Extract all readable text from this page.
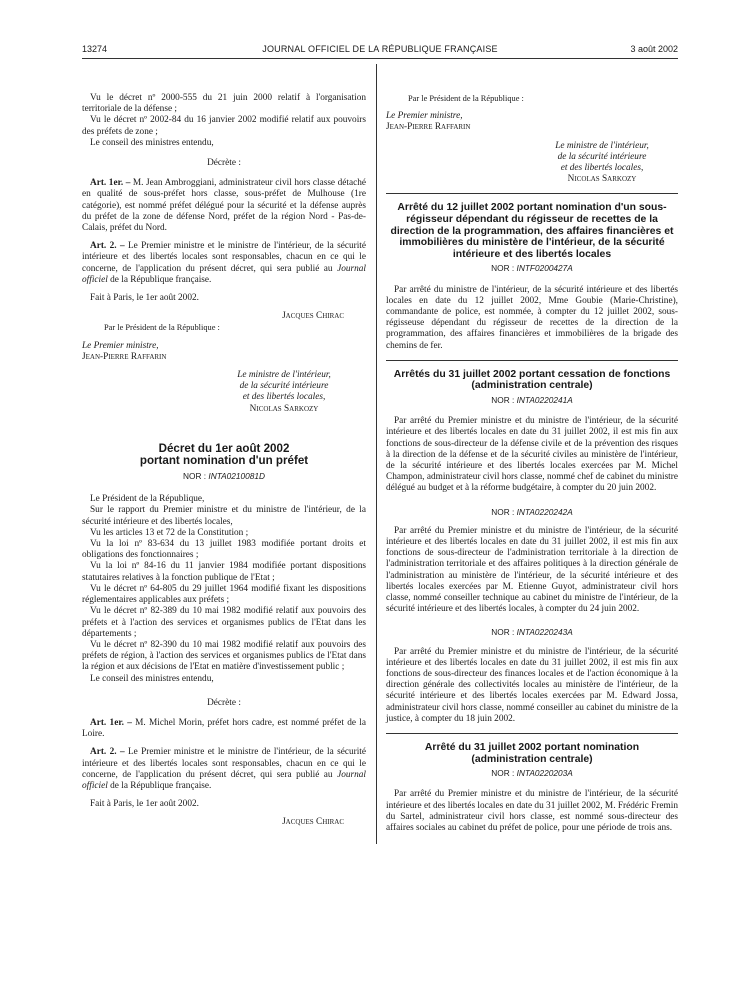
13274	JOURNAL OFFICIEL DE LA RÉPUBLIQUE FRANÇAISE	3 août 2002

Vu le décret nº 2000-555 du 21 juin 2000 relatif à l'organisation territoriale de la défense ;

Vu le décret nº 2002-84 du 16 janvier 2002 modifié relatif aux pouvoirs des préfets de zone ;

Le conseil des ministres entendu,

Décrète :

Art. 1er. – M. Jean Ambroggiani, administrateur civil hors classe détaché en qualité de sous-préfet hors classe, sous-préfet de Mulhouse (1re catégorie), est nommé préfet délégué pour la sécurité et la défense auprès du préfet de la zone de défense Nord, préfet de la région Nord - Pas-de-Calais, préfet du Nord.

Art. 2. – Le Premier ministre et le ministre de l'intérieur, de la sécurité intérieure et des libertés locales sont responsables, chacun en ce qui le concerne, de l'application du présent décret, qui sera publié au Journal officiel de la République française.

Fait à Paris, le 1er août 2002.

Jacques Chirac

Par le Président de la République :

Le Premier ministre,

Jean-Pierre Raffarin

Le ministre de l'intérieur,

de la sécurité intérieure

et des libertés locales,

Nicolas Sarkozy

Décret du 1er août 2002

portant nomination d'un préfet

NOR : INTA0210081D

Le Président de la République,

Sur le rapport du Premier ministre et du ministre de l'intérieur, de la sécurité intérieure et des libertés locales,

Vu les articles 13 et 72 de la Constitution ;

Vu la loi nº 83-634 du 13 juillet 1983 modifiée portant droits et obligations des fonctionnaires ;

Vu la loi nº 84-16 du 11 janvier 1984 modifiée portant dispositions statutaires relatives à la fonction publique de l'Etat ;

Vu le décret nº 64-805 du 29 juillet 1964 modifié fixant les dispositions réglementaires applicables aux préfets ;

Vu le décret nº 82-389 du 10 mai 1982 modifié relatif aux pouvoirs des préfets et à l'action des services et organismes publics de l'Etat dans les départements ;

Vu le décret nº 82-390 du 10 mai 1982 modifié relatif aux pouvoirs des préfets de région, à l'action des services et organismes publics de l'Etat dans la région et aux décisions de l'Etat en matière d'investissement public ;

Le conseil des ministres entendu,

Décrète :

Art. 1er. – M. Michel Morin, préfet hors cadre, est nommé préfet de la Loire.

Art. 2. – Le Premier ministre et le ministre de l'intérieur, de la sécurité intérieure et des libertés locales sont responsables, chacun en ce qui le concerne, de l'application du présent décret, qui sera publié au Journal officiel de la République française.

Fait à Paris, le 1er août 2002.

Jacques Chirac

Par le Président de la République :

Le Premier ministre,

Jean-Pierre Raffarin

Le ministre de l'intérieur,

de la sécurité intérieure

et des libertés locales,

Nicolas Sarkozy

Arrêté du 12 juillet 2002 portant nomination d'un sous-régisseur dépendant du régisseur de recettes de la direction de la programmation, des affaires financières et immobilières du ministère de l'intérieur, de la sécurité intérieure et des libertés locales

NOR : INTF0200427A

Par arrêté du ministre de l'intérieur, de la sécurité intérieure et des libertés locales en date du 12 juillet 2002, Mme Goubie (Marie-Christine), commandante de police, est nommée, à compter du 12 juillet 2002, sous-régisseuse dépendant du régisseur de recettes de la direction de la programmation, des affaires financières et immobilières de la brigade des chemins de fer.

Arrêtés du 31 juillet 2002 portant cessation de fonctions

(administration centrale)

NOR : INTA0220241A

Par arrêté du Premier ministre et du ministre de l'intérieur, de la sécurité intérieure et des libertés locales en date du 31 juillet 2002, il est mis fin aux fonctions de sous-directeur de la défense civile et de la prévention des risques à la direction de la défense et de la sécurité civiles au ministère de l'intérieur, de la sécurité intérieure et des libertés locales exercées par M. Michel Champon, administrateur civil hors classe, nommé chef de cabinet du ministre délégué au budget et à la réforme budgétaire, à compter du 20 juin 2002.

NOR : INTA0220242A

Par arrêté du Premier ministre et du ministre de l'intérieur, de la sécurité intérieure et des libertés locales en date du 31 juillet 2002, il est mis fin aux fonctions de sous-directeur de l'administration territoriale à la direction de l'administration territoriale et des affaires politiques à la direction générale de l'administration au ministère de l'intérieur, de la sécurité intérieure et des libertés locales exercées par M. Etienne Guyot, administrateur civil hors classe, nommé conseiller technique au cabinet du ministre de l'intérieur, de la sécurité intérieure et des libertés locales, à compter du 24 juin 2002.

NOR : INTA0220243A

Par arrêté du Premier ministre et du ministre de l'intérieur, de la sécurité intérieure et des libertés locales en date du 31 juillet 2002, il est mis fin aux fonctions de sous-directeur des finances locales et de l'action économique à la direction générale des collectivités locales au ministère de l'intérieur, de la sécurité intérieure et des libertés locales exercées par M. Edward Jossa, administrateur civil hors classe, nommé conseiller au cabinet du ministre de la justice, à compter du 18 juin 2002.

Arrêté du 31 juillet 2002 portant nomination

(administration centrale)

NOR : INTA0220203A

Par arrêté du Premier ministre et du ministre de l'intérieur, de la sécurité intérieure et des libertés locales en date du 31 juillet 2002, M. Frédéric Fremin du Sartel, administrateur civil hors classe, est nommé sous-directeur des affaires sociales au cabinet du préfet de police, pour une période de trois ans.
